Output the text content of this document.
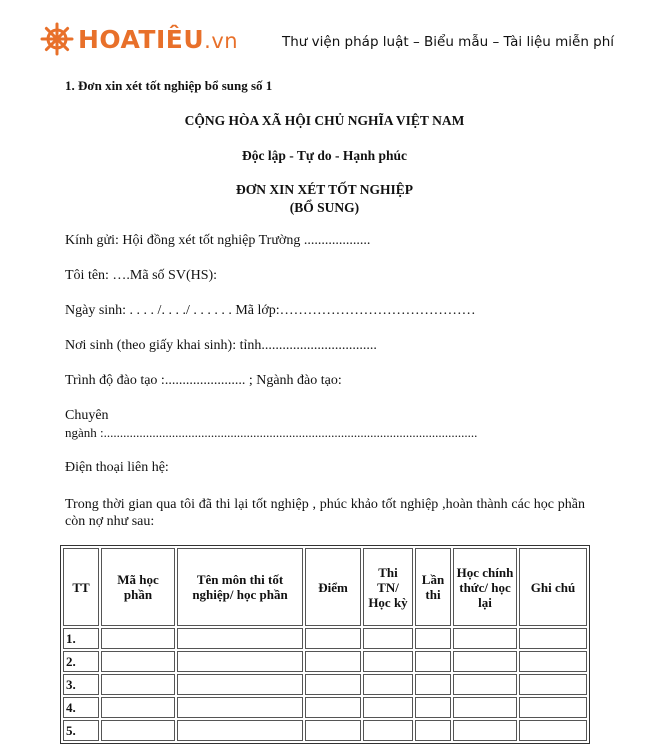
HOATIÊU.vn	Thư viện pháp luật – Biểu mẫu – Tài liệu miễn phí
1. Đơn xin xét tốt nghiệp bổ sung số 1
CỘNG HÒA XÃ HỘI CHỦ NGHĨA VIỆT NAM
Độc lập - Tự do - Hạnh phúc
ĐƠN XIN XÉT TỐT NGHIỆP
(BỔ SUNG)
Kính gửi: Hội đồng xét tốt nghiệp Trường ...................
Tôi tên: ….Mã số SV(HS):
Ngày sinh: . . . . /. . . ./ . . . . . . Mã lớp:……………………………………
Nơi sinh (theo giấy khai sinh): tỉnh.................................
Trình độ đào tạo :....................... ; Ngành đào tạo:
Chuyên
ngành :...................................................................................................................
Điện thoại liên hệ:
Trong thời gian qua tôi đã thi lại tốt nghiệp , phúc khảo tốt nghiệp ,hoàn thành các học phần còn nợ như sau:
TT	Mã học phần	Tên môn thi tốt nghiệp/ học phần	Điểm	Thi TN/ Học kỳ	Lần thi	Học chính thức/ học lại	Ghi chú
1.							
2.							
3.							
4.							
5.							
